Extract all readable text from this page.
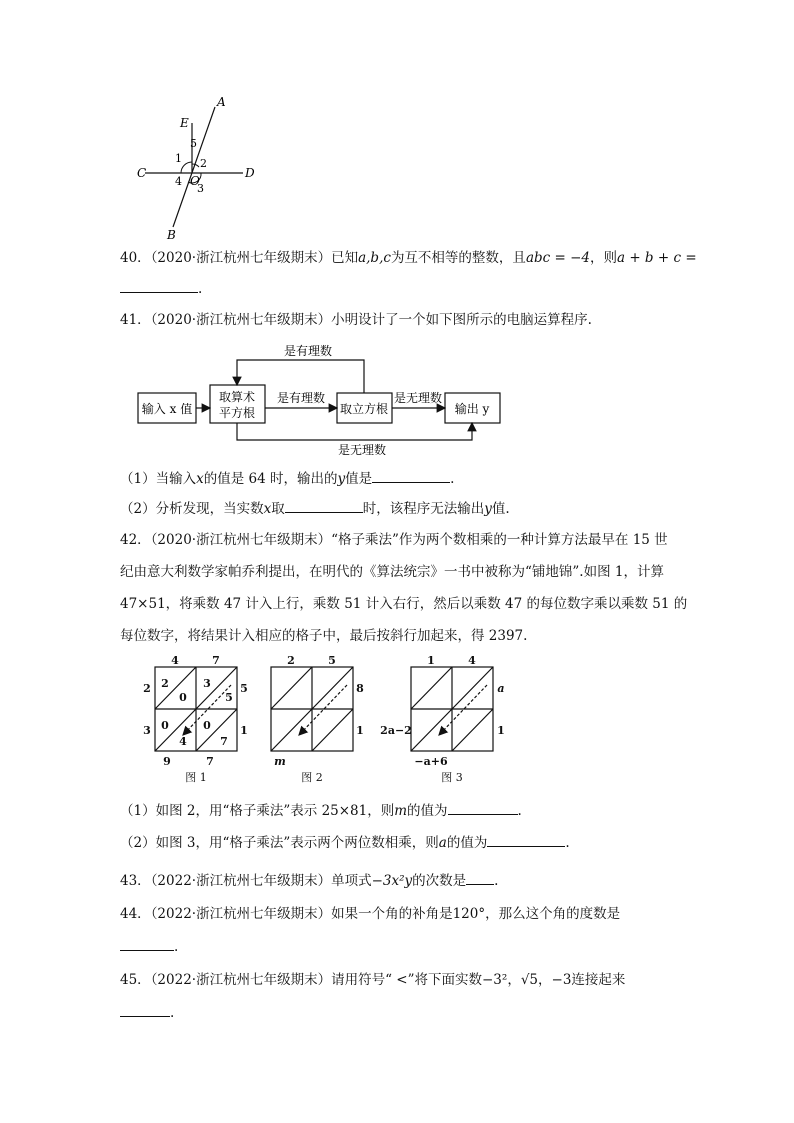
A
E
5
1 2
C
4 O
3
D
B
40．（2020·浙江杭州七年级期末）已知a,b,c为互不相等的整数，且abc = −4，则a + b + c =
.
41．（2020·浙江杭州七年级期末）小明设计了一个如下图所示的电脑运算程序.
输入 x 值
取算术
平方根	取立方根	输出 y
是有理数
是有理数	是无理数
是无理数
（1）当输入x的值是 64 时，输出的y值是	.
（2）分析发现，当实数x取	时，该程序无法输出y值.
42．（2020·浙江杭州七年级期末）“格子乘法”作为两个数相乘的一种计算方法最早在 15 世
纪由意大利数学家帕乔利提出，在明代的《算法统宗》一书中被称为“铺地锦”.如图 1，计算
47×51，将乘数 47 计入上行，乘数 51 计入右行，然后以乘数 47 的每位数字乘以乘数 51 的
每位数字，将结果计入相应的格子中，最后按斜行加起来，得 2397.
4	7
2
3
5
1
9	7
2
0
3
5
0
4
0
7
图 1
2	5
8
1
m
图 2
1	4
a
1
2a−2
−a+6
图 3
（1）如图 2，用“格子乘法”表示 25×81，则m的值为	.
（2）如图 3，用“格子乘法”表示两个两位数相乘，则a的值为	.
43．（2022·浙江杭州七年级期末）单项式−3x²y的次数是 .
44．（2022·浙江杭州七年级期末）如果一个角的补角是120°，那么这个角的度数是
.
45．（2022·浙江杭州七年级期末）请用符号“ <”将下面实数−3²，√5，−3连接起来
.
